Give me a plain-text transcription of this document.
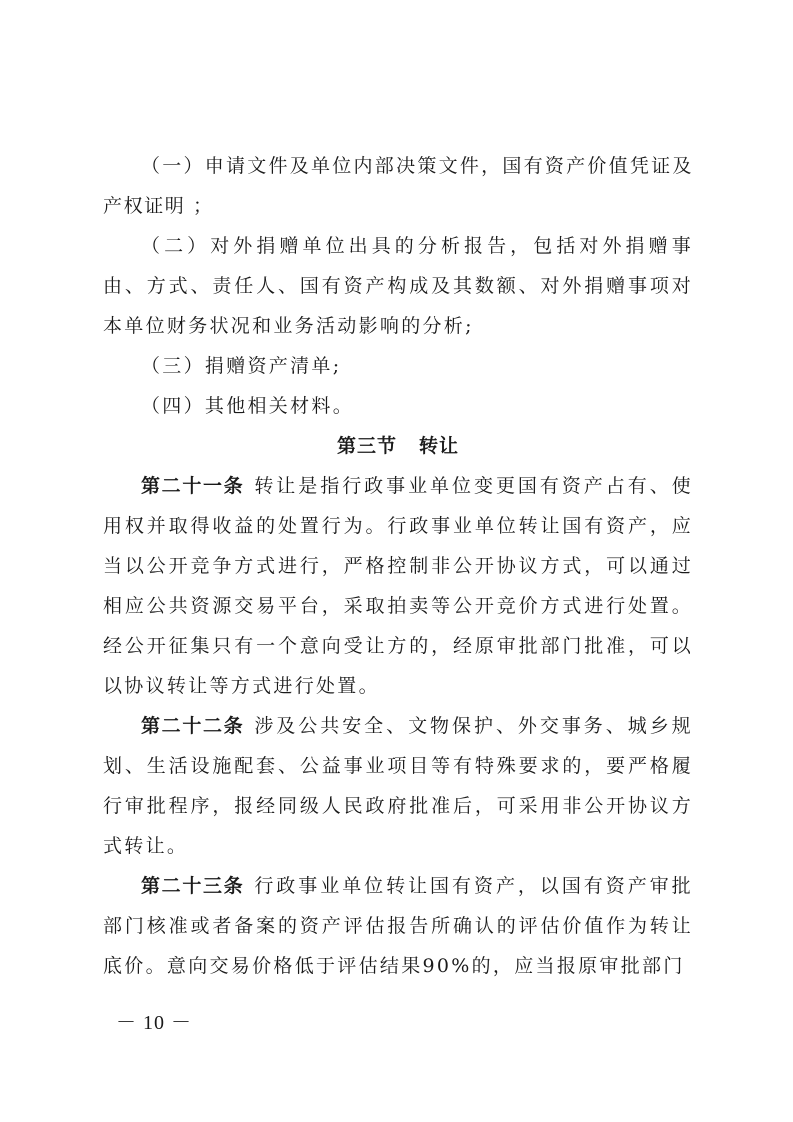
（一）申请文件及单位内部决策文件，国有资产价值凭证及产权证明 ；

（二）对外捐赠单位出具的分析报告，包括对外捐赠事由、方式、责任人、国有资产构成及其数额、对外捐赠事项对本单位财务状况和业务活动影响的分析;

（三）捐赠资产清单;

（四）其他相关材料。

第三节 转让

第二十一条 转让是指行政事业单位变更国有资产占有、使用权并取得收益的处置行为。行政事业单位转让国有资产，应当以公开竞争方式进行，严格控制非公开协议方式，可以通过相应公共资源交易平台，采取拍卖等公开竞价方式进行处置。经公开征集只有一个意向受让方的，经原审批部门批准，可以以协议转让等方式进行处置。

第二十二条 涉及公共安全、文物保护、外交事务、城乡规划、生活设施配套、公益事业项目等有特殊要求的，要严格履行审批程序，报经同级人民政府批准后，可采用非公开协议方式转让。

第二十三条 行政事业单位转让国有资产，以国有资产审批部门核准或者备案的资产评估报告所确认的评估价值作为转让底价。意向交易价格低于评估结果90%的，应当报原审批部门

－ 10 －
